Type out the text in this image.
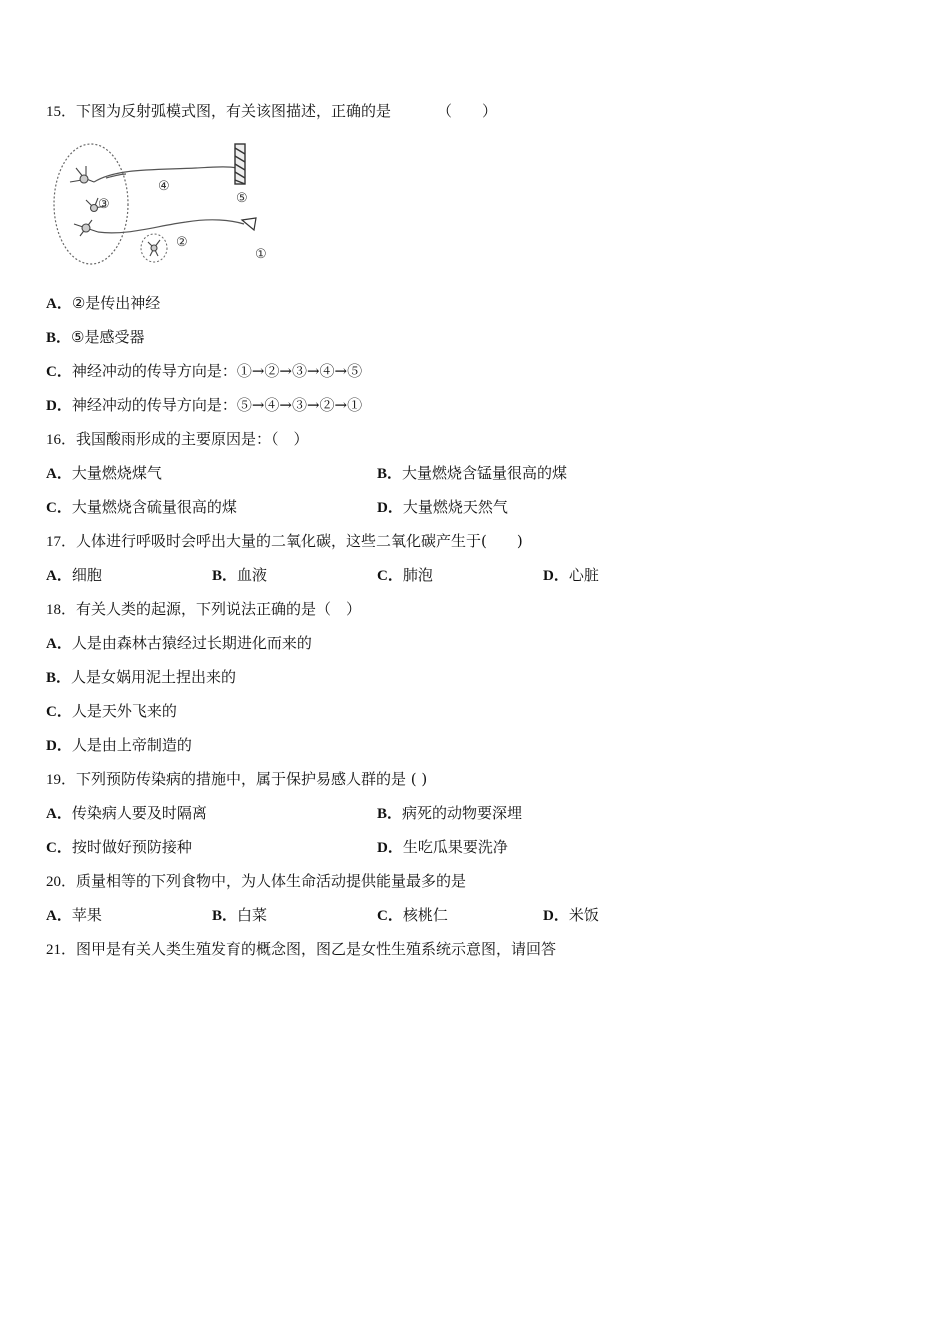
15．下图为反射弧模式图，有关该图描述，正确的是	（　　）
①
②
③
④
⑤
A．②是传出神经
B．⑤是感受器
C．神经冲动的传导方向是：①→②→③→④→⑤
D．神经冲动的传导方向是：⑤→④→③→②→①
16．我国酸雨形成的主要原因是：（　）
A．大量燃烧煤气	B．大量燃烧含锰量很高的煤
C．大量燃烧含硫量很高的煤	D．大量燃烧天然气
17．人体进行呼吸时会呼出大量的二氧化碳，这些二氧化碳产生于(　　)
A．细胞	B．血液	C．肺泡	D．心脏
18．有关人类的起源，下列说法正确的是（　）
A．人是由森林古猿经过长期进化而来的
B．人是女娲用泥土捏出来的
C．人是天外飞来的
D．人是由上帝制造的
19．下列预防传染病的措施中，属于保护易感人群的是 ( )
A．传染病人要及时隔离	B．病死的动物要深埋
C．按时做好预防接种	D．生吃瓜果要洗净
20．质量相等的下列食物中，为人体生命活动提供能量最多的是
A．苹果	B．白菜	C．核桃仁	D．米饭
21．图甲是有关人类生殖发育的概念图，图乙是女性生殖系统示意图，请回答
